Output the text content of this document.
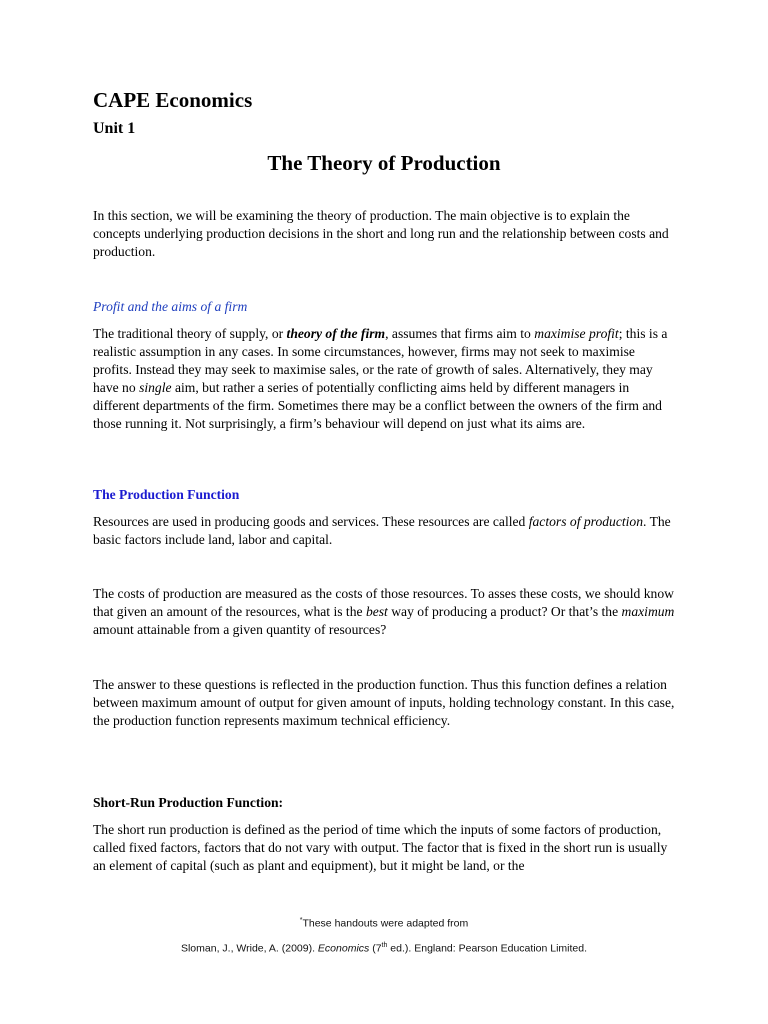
CAPE Economics
Unit 1
The Theory of Production

In this section, we will be examining the theory of production. The main objective is to explain the concepts underlying production decisions in the short and long run and the relationship between costs and production.

Profit and the aims of a firm

The traditional theory of supply, or theory of the firm, assumes that firms aim to maximise profit; this is a realistic assumption in any cases. In some circumstances, however, firms may not seek to maximise profits. Instead they may seek to maximise sales, or the rate of growth of sales. Alternatively, they may have no single aim, but rather a series of potentially conflicting aims held by different managers in different departments of the firm. Sometimes there may be a conflict between the owners of the firm and those running it. Not surprisingly, a firm’s behaviour will depend on just what its aims are.

The Production Function

Resources are used in producing goods and services. These resources are called factors of production. The basic factors include land, labor and capital.

The costs of production are measured as the costs of those resources. To asses these costs, we should know that given an amount of the resources, what is the best way of producing a product? Or that’s the maximum amount attainable from a given quantity of resources?

The answer to these questions is reflected in the production function. Thus this function defines a relation between maximum amount of output for given amount of inputs, holding technology constant. In this case, the production function represents maximum technical efficiency.

Short-Run Production Function:

The short run production is defined as the period of time which the inputs of some factors of production, called fixed factors, factors that do not vary with output. The factor that is fixed in the short run is usually an element of capital (such as plant and equipment), but it might be land, or the

*These handouts were adapted from
Sloman, J., Wride, A. (2009). Economics (7th ed.). England: Pearson Education Limited.
